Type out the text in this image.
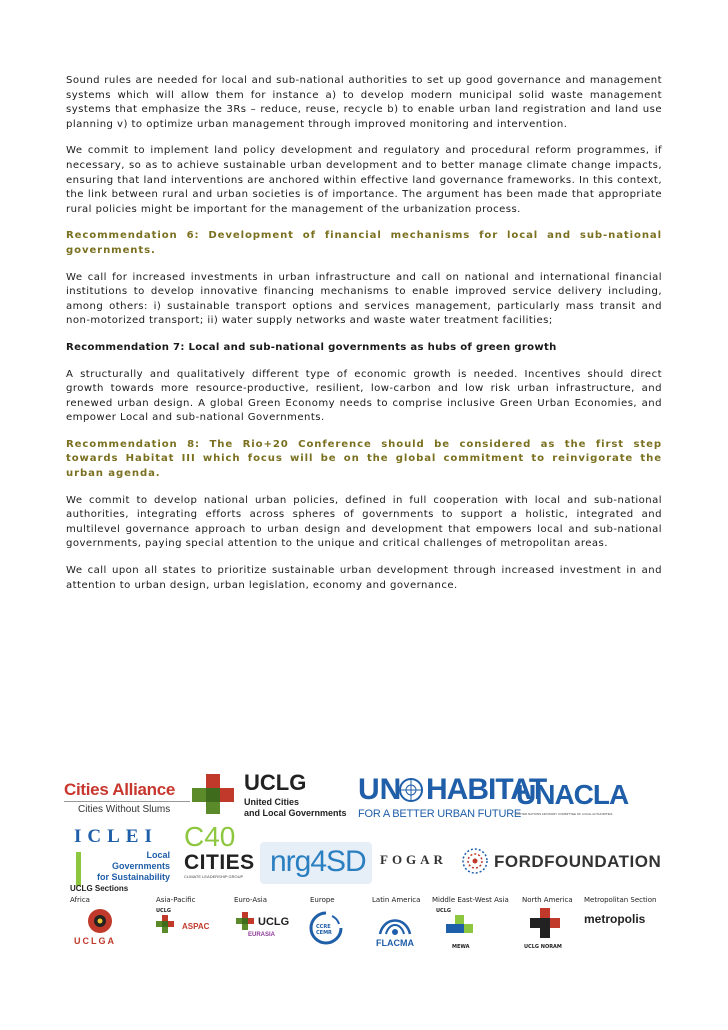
Sound rules are needed for local and sub-national authorities to set up good governance and management systems which will allow them for instance a) to develop modern municipal solid waste management systems that emphasize the 3Rs – reduce, reuse, recycle b) to enable urban land registration and land use planning v) to optimize urban management through improved monitoring and intervention.

We commit to implement land policy development and regulatory and procedural reform programmes, if necessary, so as to achieve sustainable urban development and to better manage climate change impacts, ensuring that land interventions are anchored within effective land governance frameworks. In this context, the link between rural and urban societies is of importance. The argument has been made that appropriate rural policies might be important for the management of the urbanization process.

Recommendation 6: Development of financial mechanisms for local and sub-national governments.

We call for increased investments in urban infrastructure and call on national and international financial institutions to develop innovative financing mechanisms to enable improved service delivery including, among others: i) sustainable transport options and services management, particularly mass transit and non-motorized transport; ii) water supply networks and waste water treatment facilities;

Recommendation 7: Local and sub-national governments as hubs of green growth

A structurally and qualitatively different type of economic growth is needed. Incentives should direct growth towards more resource-productive, resilient, low-carbon and low risk urban infrastructure, and renewed urban design. A global Green Economy needs to comprise inclusive Green Urban Economies, and empower Local and sub-national Governments.

Recommendation 8: The Rio+20 Conference should be considered as the first step towards Habitat III which focus will be on the global commitment to reinvigorate the urban agenda.

We commit to develop national urban policies, defined in full cooperation with local and sub-national authorities, integrating efforts across spheres of governments to support a holistic, integrated and multilevel governance approach to urban design and development that empowers local and sub-national governments, paying special attention to the unique and critical challenges of metropolitan areas.

We call upon all states to prioritize sustainable urban development through increased investment in and attention to urban design, urban legislation, economy and governance.

Cities Alliance
Cities Without Slums
UCLG
United Cities
and Local Governments
UN HABITAT
FOR A BETTER URBAN FUTURE
UNACLA
UNITED NATIONS ADVISORY COMMITTEE OF LOCAL AUTHORITIES
ICLEI
Local
Governments
for Sustainability
C40
CITIES
CLIMATE LEADERSHIP GROUP nrg4SD FOGAR	FORDFOUNDATION
UCLG Sections
Africa	Asia-Pacific	Euro-Asia	Europe	Latin America Middle East-West Asia North America Metropolitan Section
UCLGA
UCLG
ASPAC	UCLG
EURASIA
CCRE CEMR
FLACMA
UCLG
MEWA	UCLG NORAM
metropolis
